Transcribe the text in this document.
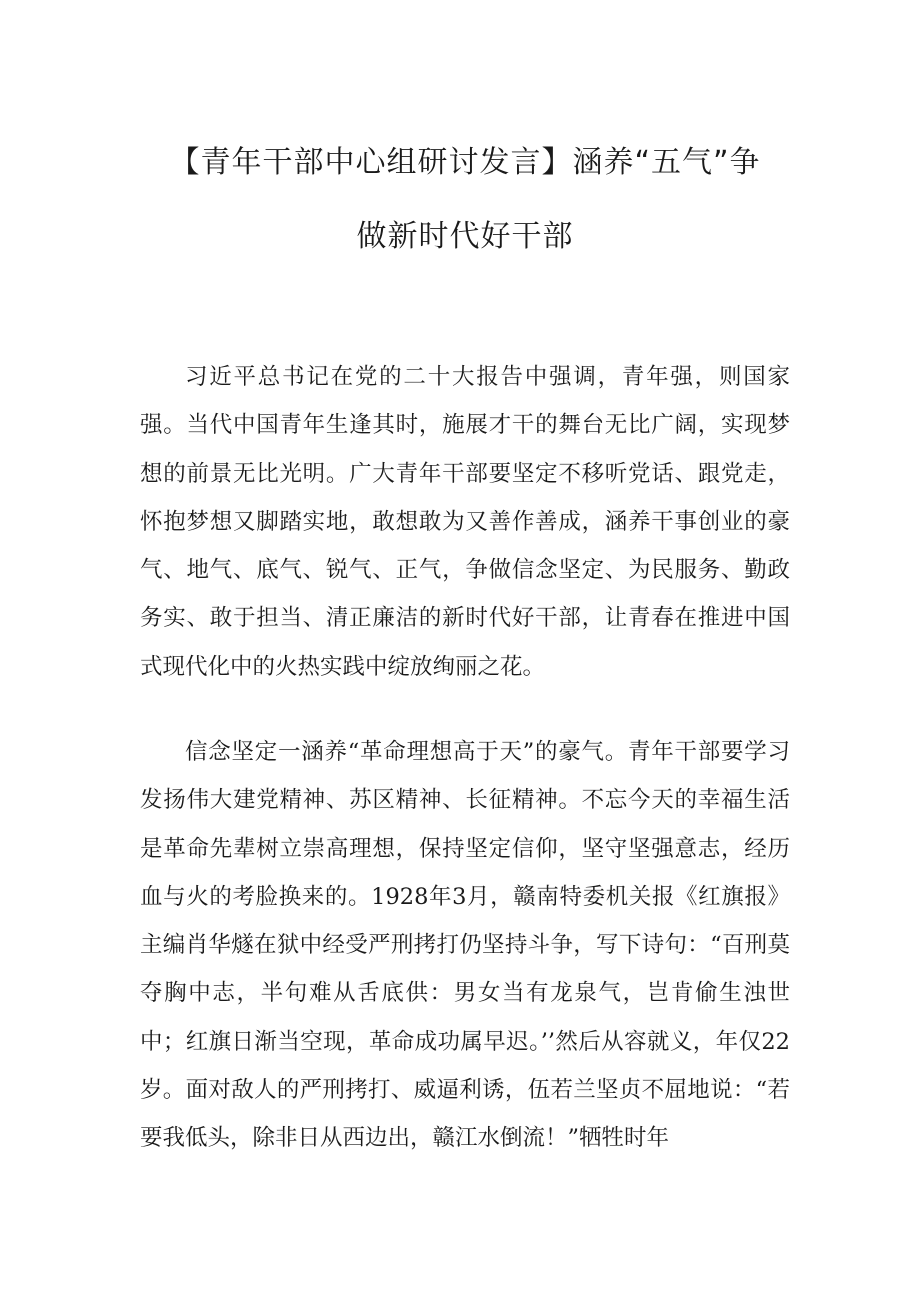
【青年干部中心组研讨发言】涵养“五气”争
做新时代好干部

习近平总书记在党的二十大报告中强调，青年强，则国家强。当代中国青年生逢其时，施展才干的舞台无比广阔，实现梦想的前景无比光明。广大青年干部要坚定不移听党话、跟党走，怀抱梦想又脚踏实地，敢想敢为又善作善成，涵养干事创业的豪气、地气、底气、锐气、正气，争做信念坚定、为民服务、勤政务实、敢于担当、清正廉洁的新时代好干部，让青春在推进中国式现代化中的火热实践中绽放绚丽之花。

信念坚定一涵养“革命理想高于天”的豪气。青年干部要学习发扬伟大建党精神、苏区精神、长征精神。不忘今天的幸福生活是革命先辈树立崇高理想，保持坚定信仰，坚守坚强意志，经历血与火的考脸换来的。1928年3月，赣南特委机关报《红旗报》主编肖华燧在狱中经受严刑拷打仍坚持斗争，写下诗句：“百刑莫夺胸中志，半句难从舌底供：男女当有龙泉气，岂肯偷生浊世中；红旗日渐当空现，革命成功属早迟。’’然后从容就义，年仅22岁。面对敌人的严刑拷打、威逼利诱，伍若兰坚贞不屈地说：“若要我低头，除非日从西边出，赣江水倒流！”牺牲时年
